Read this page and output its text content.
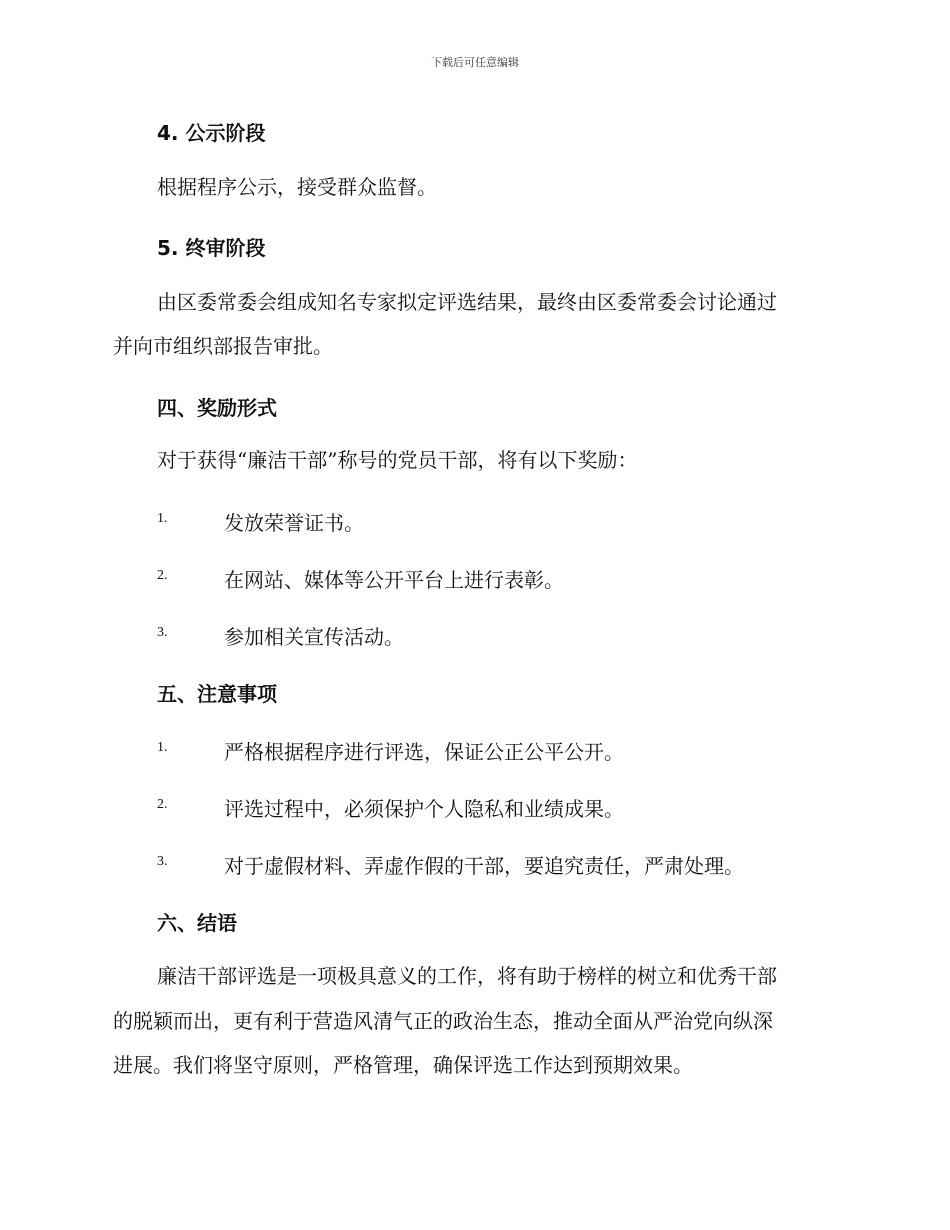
下载后可任意编辑
4. 公示阶段
根据程序公示，接受群众监督。
5. 终审阶段
由区委常委会组成知名专家拟定评选结果，最终由区委常委会讨论通过
并向市组织部报告审批。
四、奖励形式
对于获得“廉洁干部”称号的党员干部，将有以下奖励：
1.	发放荣誉证书。
2.	在网站、媒体等公开平台上进行表彰。
3.	参加相关宣传活动。
五、注意事项
1.	严格根据程序进行评选，保证公正公平公开。
2.	评选过程中，必须保护个人隐私和业绩成果。
3.	对于虚假材料、弄虚作假的干部，要追究责任，严肃处理。
六、结语
廉洁干部评选是一项极具意义的工作，将有助于榜样的树立和优秀干部
的脱颖而出，更有利于营造风清气正的政治生态，推动全面从严治党向纵深
进展。我们将坚守原则，严格管理，确保评选工作达到预期效果。
